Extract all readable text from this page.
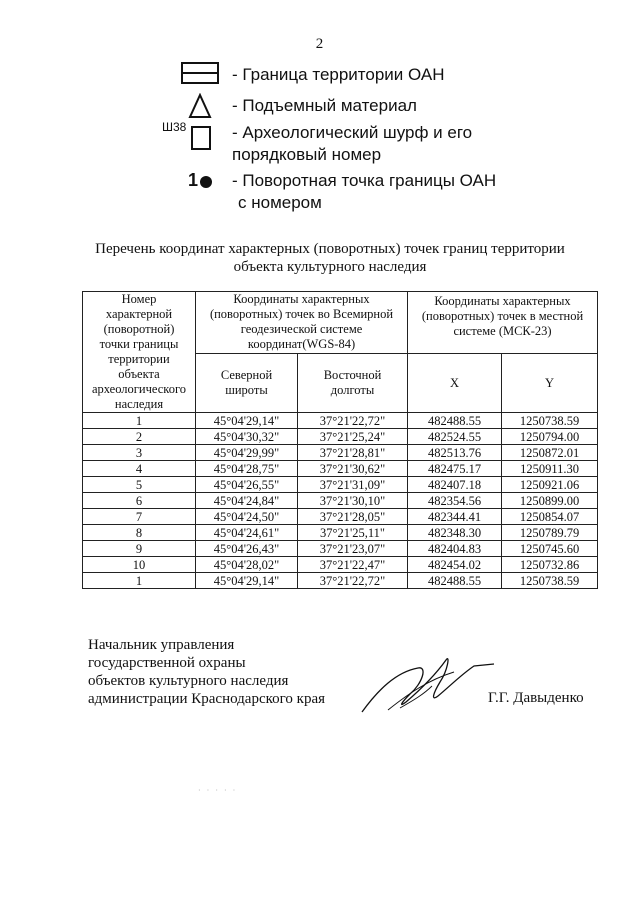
2
- Граница территории ОАН
- Подъемный материал
Ш38	- Археологический шурф и его
порядковый номер
1 - Поворотная точка границы ОАН
с номером
Перечень координат характерных (поворотных) точек границ территории
объекта культурного наследия
Номер характерной (поворотной) точки границы территории объекта археологического наследия	Координаты характерных (поворотных) точек во Всемирной геодезической системе координат(WGS-84)		Координаты характерных (поворотных) точек в местной системе (МСК-23)	
	Северной широты	Восточной долготы	X	Y
1	45°04'29,14"	37°21'22,72"	482488.55	1250738.59
2	45°04'30,32"	37°21'25,24"	482524.55	1250794.00
3	45°04'29,99"	37°21'28,81"	482513.76	1250872.01
4	45°04'28,75"	37°21'30,62"	482475.17	1250911.30
5	45°04'26,55"	37°21'31,09"	482407.18	1250921.06
6	45°04'24,84"	37°21'30,10"	482354.56	1250899.00
7	45°04'24,50"	37°21'28,05"	482344.41	1250854.07
8	45°04'24,61"	37°21'25,11"	482348.30	1250789.79
9	45°04'26,43"	37°21'23,07"	482404.83	1250745.60
10	45°04'28,02"	37°21'22,47"	482454.02	1250732.86
1	45°04'29,14"	37°21'22,72"	482488.55	1250738.59
Начальник управления
государственной охраны
объектов культурного наследия
администрации Краснодарского края	Г.Г. Давыденко
· · · · ·
